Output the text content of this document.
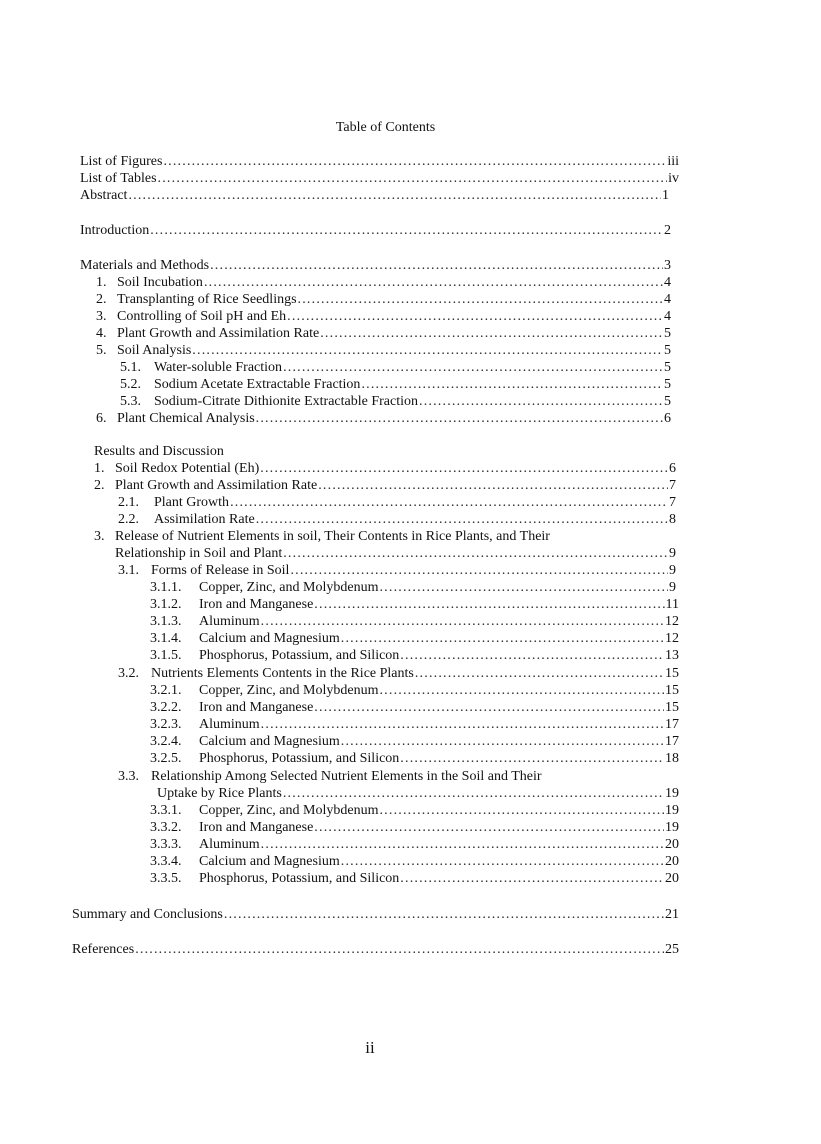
Table of Contents
List of Figures .....	iii
List of Tables .....	iv
Abstract .....	1
Introduction .....	2
Materials and Methods .....	3
1. Soil Incubation .....	4
2. Transplanting of Rice Seedlings .....	4
3. Controlling of Soil pH and Eh .....	4
4. Plant Growth and Assimilation Rate .....	5
5. Soil Analysis .....	5
5.1. Water-soluble Fraction .....	5
5.2. Sodium Acetate Extractable Fraction .....	5
5.3. Sodium-Citrate Dithionite Extractable Fraction .....	5
6. Plant Chemical Analysis .....	6
Results and Discussion
1. Soil Redox Potential (Eh) .....	6
2. Plant Growth and Assimilation Rate .....	7
2.1. Plant Growth .....	7
2.2. Assimilation Rate .....	8
3. Release of Nutrient Elements in soil, Their Contents in Rice Plants, and Their
Relationship in Soil and Plant .....	9
3.1. Forms of Release in Soil .....	9
3.1.1. Copper, Zinc, and Molybdenum .....	9
3.1.2. Iron and Manganese .....	11
3.1.3. Aluminum .....	12
3.1.4. Calcium and Magnesium .....	12
3.1.5. Phosphorus, Potassium, and Silicon .....	13
3.2. Nutrients Elements Contents in the Rice Plants .....	15
3.2.1. Copper, Zinc, and Molybdenum .....	15
3.2.2. Iron and Manganese .....	15
3.2.3. Aluminum .....	17
3.2.4. Calcium and Magnesium .....	17
3.2.5. Phosphorus, Potassium, and Silicon .....	18
3.3. Relationship Among Selected Nutrient Elements in the Soil and Their
Uptake by Rice Plants .....	19
3.3.1. Copper, Zinc, and Molybdenum .....	19
3.3.2. Iron and Manganese .....	19
3.3.3. Aluminum .....	20
3.3.4. Calcium and Magnesium .....	20
3.3.5. Phosphorus, Potassium, and Silicon .....	20
Summary and Conclusions .....	21
References .....	25
ii
